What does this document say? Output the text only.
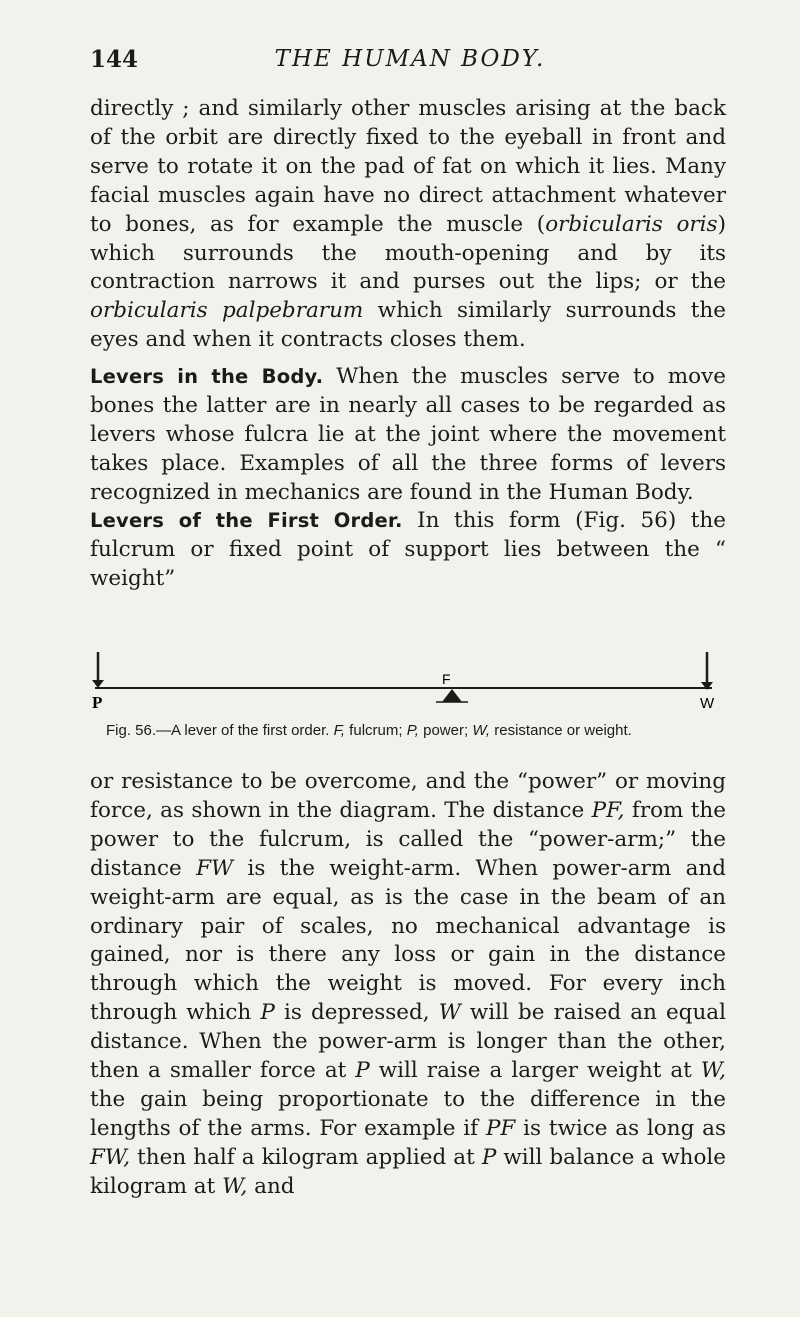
144	THE HUMAN BODY.

directly ; and similarly other muscles arising at the back of the orbit are directly fixed to the eyeball in front and serve to rotate it on the pad of fat on which it lies. Many facial muscles again have no direct attachment whatever to bones, as for example the muscle (orbicularis oris) which surrounds the mouth-opening and by its contraction narrows it and purses out the lips; or the orbicularis palpebrarum which similarly surrounds the eyes and when it contracts closes them.

Levers in the Body. When the muscles serve to move bones the latter are in nearly all cases to be regarded as levers whose fulcra lie at the joint where the movement takes place. Examples of all the three forms of levers recognized in mechanics are found in the Human Body.

Levers of the First Order. In this form (Fig. 56) the fulcrum or fixed point of support lies between the “ weight”

F
P	W
Fig. 56.—A lever of the first order. F, fulcrum; P, power; W, resistance or weight.

or resistance to be overcome, and the “power” or moving force, as shown in the diagram. The distance PF, from the power to the fulcrum, is called the “power-arm;” the distance FW is the weight-arm. When power-arm and weight-arm are equal, as is the case in the beam of an ordinary pair of scales, no mechanical advantage is gained, nor is there any loss or gain in the distance through which the weight is moved. For every inch through which P is depressed, W will be raised an equal distance. When the power-arm is longer than the other, then a smaller force at P will raise a larger weight at W, the gain being proportionate to the difference in the lengths of the arms. For example if PF is twice as long as FW, then half a kilogram applied at P will balance a whole kilogram at W, and
